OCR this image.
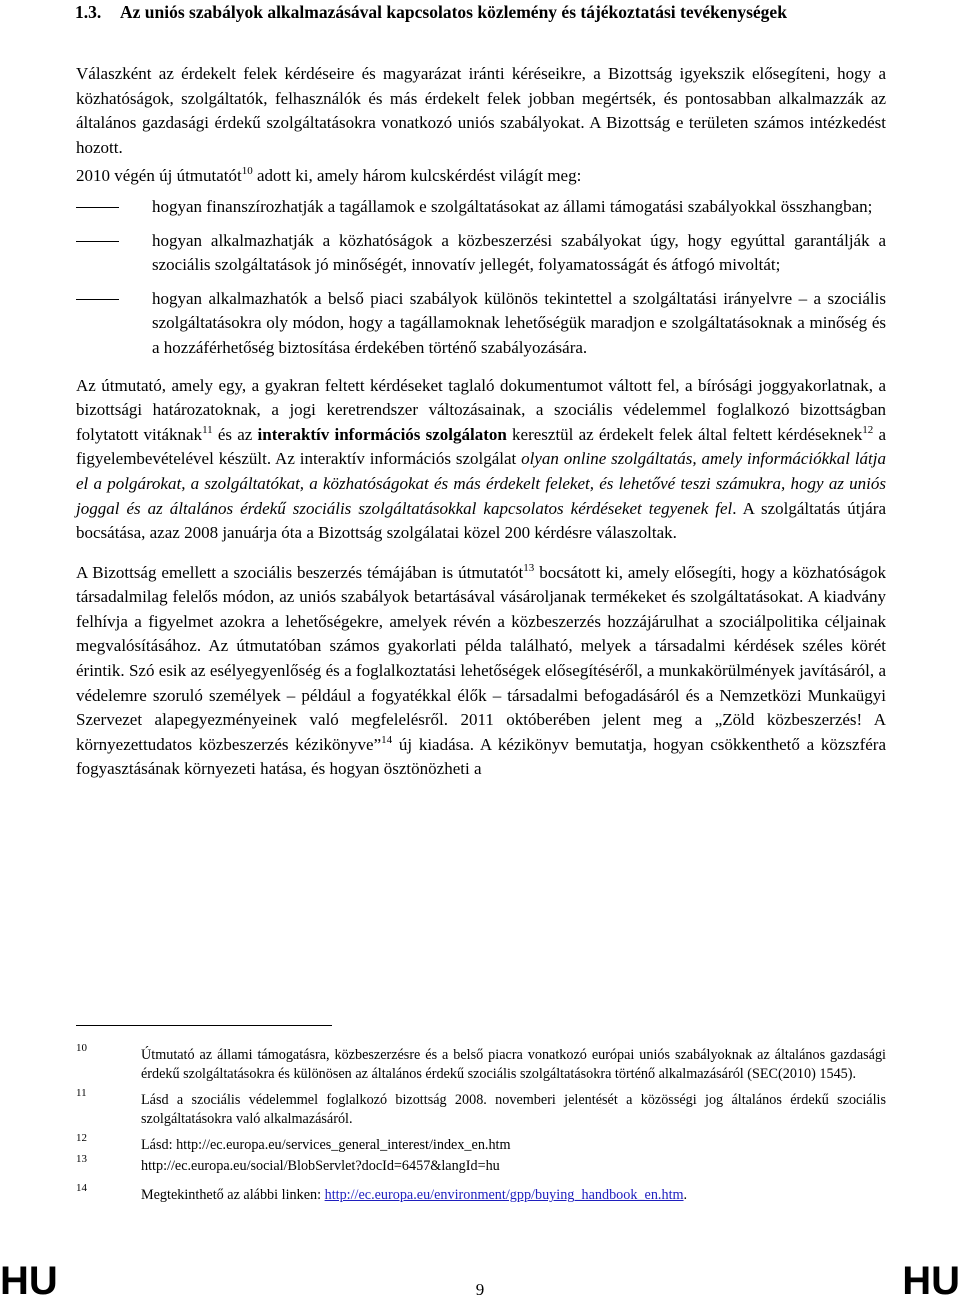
1.3.	Az uniós szabályok alkalmazásával kapcsolatos közlemény és tájékoztatási tevékenységek

Válaszként az érdekelt felek kérdéseire és magyarázat iránti kéréseikre, a Bizottság igyekszik elősegíteni, hogy a közhatóságok, szolgáltatók, felhasználók és más érdekelt felek jobban megértsék, és pontosabban alkalmazzák az általános gazdasági érdekű szolgáltatásokra vonatkozó uniós szabályokat. A Bizottság e területen számos intézkedést hozott.

2010 végén új útmutatót$^{10}$ adott ki, amely három kulcskérdést világít meg:

hogyan finanszírozhatják a tagállamok e szolgáltatásokat az állami támogatási szabályokkal összhangban;
hogyan alkalmazhatják a közhatóságok a közbeszerzési szabályokat úgy, hogy egyúttal garantálják a szociális szolgáltatások jó minőségét, innovatív jellegét, folyamatosságát és átfogó mivoltát;
hogyan alkalmazhatók a belső piaci szabályok különös tekintettel a szolgáltatási irányelvre – a szociális szolgáltatásokra oly módon, hogy a tagállamoknak lehetőségük maradjon e szolgáltatásoknak a minőség és a hozzáférhetőség biztosítása érdekében történő szabályozására.

Az útmutató, amely egy, a gyakran feltett kérdéseket taglaló dokumentumot váltott fel, a bírósági joggyakorlatnak, a bizottsági határozatoknak, a jogi keretrendszer változásainak, a szociális védelemmel foglalkozó bizottságban folytatott vitáknak$^{11}$ és az interaktív információs szolgálaton keresztül az érdekelt felek által feltett kérdéseknek$^{12}$ a figyelembevételével készült. Az interaktív információs szolgálat olyan online szolgáltatás, amely információkkal látja el a polgárokat, a szolgáltatókat, a közhatóságokat és más érdekelt feleket, és lehetővé teszi számukra, hogy az uniós joggal és az általános érdekű szociális szolgáltatásokkal kapcsolatos kérdéseket tegyenek fel. A szolgáltatás útjára bocsátása, azaz 2008 januárja óta a Bizottság szolgálatai közel 200 kérdésre válaszoltak.

A Bizottság emellett a szociális beszerzés témájában is útmutatót$^{13}$ bocsátott ki, amely elősegíti, hogy a közhatóságok társadalmilag felelős módon, az uniós szabályok betartásával vásároljanak termékeket és szolgáltatásokat. A kiadvány felhívja a figyelmet azokra a lehetőségekre, amelyek révén a közbeszerzés hozzájárulhat a szociálpolitika céljainak megvalósításához. Az útmutatóban számos gyakorlati példa található, melyek a társadalmi kérdések széles körét érintik. Szó esik az esélyegyenlőség és a foglalkoztatási lehetőségek elősegítéséről, a munkakörülmények javításáról, a védelemre szoruló személyek – például a fogyatékkal élők – társadalmi befogadásáról és a Nemzetközi Munkaügyi Szervezet alapegyezményeinek való megfelelésről. 2011 októberében jelent meg a „Zöld közbeszerzés! A környezettudatos közbeszerzés kézikönyve”$^{14}$ új kiadása. A kézikönyv bemutatja, hogyan csökkenthető a közszféra fogyasztásának környezeti hatása, és hogyan ösztönözheti a

10	Útmutató az állami támogatásra, közbeszerzésre és a belső piacra vonatkozó európai uniós szabályoknak az általános gazdasági érdekű szolgáltatásokra és különösen az általános érdekű szociális szolgáltatásokra történő alkalmazásáról (SEC(2010) 1545).
11	Lásd a szociális védelemmel foglalkozó bizottság 2008. novemberi jelentését a közösségi jog általános érdekű szociális szolgáltatásokra való alkalmazásáról.
12	Lásd: http://ec.europa.eu/services_general_interest/index_en.htm
13	http://ec.europa.eu/social/BlobServlet?docId=6457&langId=hu
14	Megtekinthető az alábbi linken: http://ec.europa.eu/environment/gpp/buying_handbook_en.htm.
HU	9	HU
